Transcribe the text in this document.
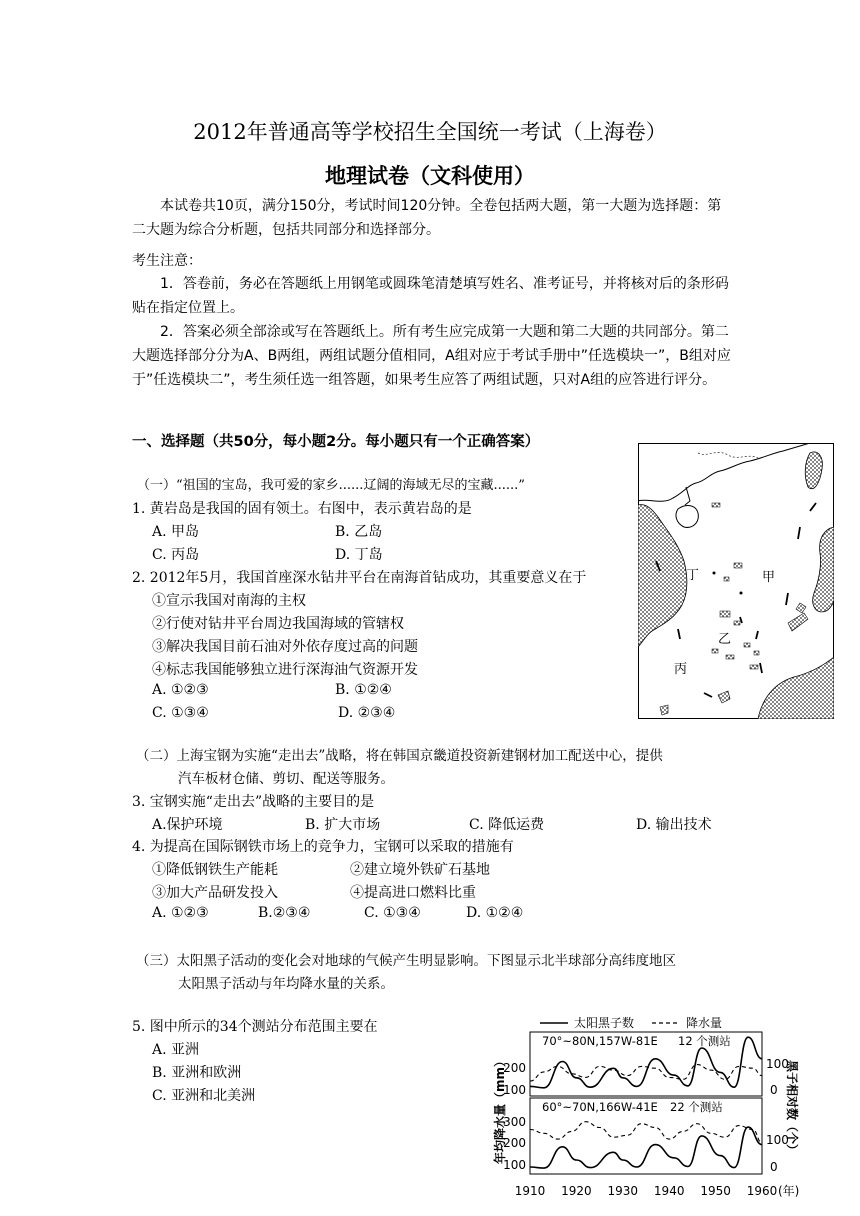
2012年普通高等学校招生全国统一考试（上海卷）
地理试卷（文科使用）
本试卷共10页，满分150分，考试时间120分钟。全卷包括两大题，第一大题为选择题：第二大题为综合分析题，包括共同部分和选择部分。
考生注意：
1．答卷前，务必在答题纸上用钢笔或圆珠笔清楚填写姓名、准考证号，并将核对后的条形码贴在指定位置上。
2．答案必须全部涂或写在答题纸上。所有考生应完成第一大题和第二大题的共同部分。第二大题选择部分分为A、B两组，两组试题分值相同，A组对应于考试手册中”任选模块一”，B组对应于”任选模块二”，考生须任选一组答题，如果考生应答了两组试题，只对A组的应答进行评分。
一、选择题（共50分，每小题2分。每小题只有一个正确答案）
（一）“祖国的宝岛，我可爱的家乡......辽阔的海域无尽的宝藏......”
1. 黄岩岛是我国的固有领土。右图中，表示黄岩岛的是
A. 甲岛	B. 乙岛
C. 丙岛	D. 丁岛
2. 2012年5月，我国首座深水钻井平台在南海首钻成功，其重要意义在于
①宣示我国对南海的主权
②行使对钻井平台周边我国海域的管辖权
③解决我国目前石油对外依存度过高的问题
④标志我国能够独立进行深海油气资源开发
A. ①②③	B. ①②④
C. ①③④	D. ②③④
丁	甲
乙
丙
（二）上海宝钢为实施“走出去”战略，将在韩国京畿道投资新建钢材加工配送中心，提供
汽车板材仓储、剪切、配送等服务。
3. 宝钢实施“走出去”战略的主要目的是
A.保护环境	B. 扩大市场	C. 降低运费	D. 输出技术
4. 为提高在国际钢铁市场上的竞争力，宝钢可以采取的措施有
①降低钢铁生产能耗	②建立境外铁矿石基地
③加大产品研发投入	④提高进口燃料比重
A. ①②③	B.②③④	C. ①③④	D. ①②④
（三）太阳黑子活动的变化会对地球的气候产生明显影响。下图显示北半球部分高纬度地区
太阳黑子活动与年均降水量的关系。
5. 图中所示的34个测站分布范围主要在
A. 亚洲
B. 亚洲和欧洲
C. 亚洲和北美洲
太阳黑子数	降水量
70°~80N,157W-81E 12 个测站
60°~70N,166W-41E 22 个测站
200
100
300
200
100
100
0
100
0
年均降水量（mm）	黑子相对数（个）
1910 1920 1930 1940 1950 1960 (年)
